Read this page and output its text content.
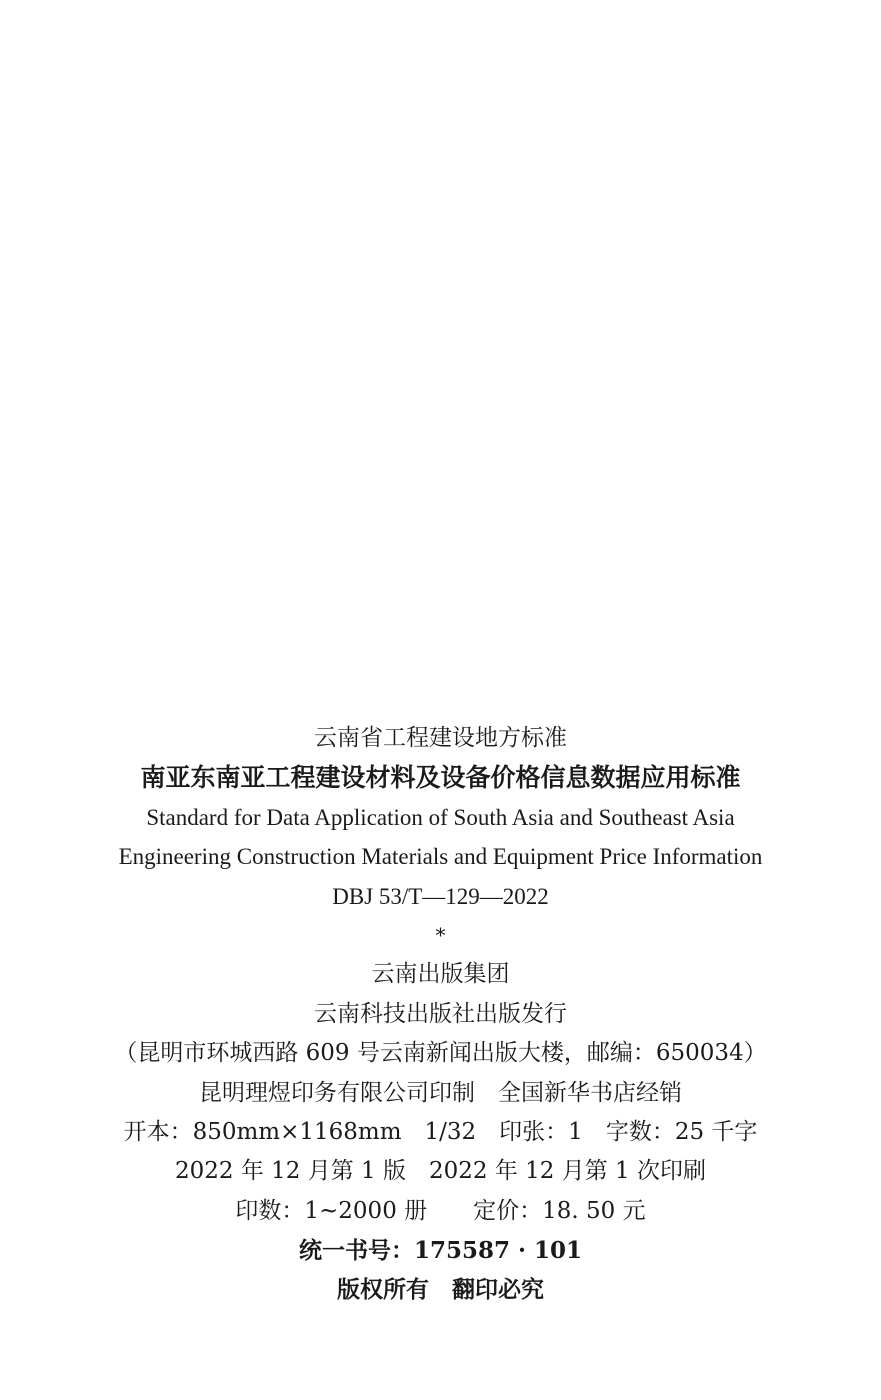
云南省工程建设地方标准
南亚东南亚工程建设材料及设备价格信息数据应用标准
Standard for Data Application of South Asia and Southeast Asia
Engineering Construction Materials and Equipment Price Information
DBJ 53/T—129—2022
*
云南出版集团
云南科技出版社出版发行
（昆明市环城西路 609 号云南新闻出版大楼，邮编：650034）
昆明理煜印务有限公司印制　全国新华书店经销
开本：850mm×1168mm　1/32　印张：1　字数：25 千字
2022 年 12 月第 1 版　2022 年 12 月第 1 次印刷
印数：1~2000 册　　定价：18. 50 元
统一书号：175587 · 101
版权所有　翻印必究
